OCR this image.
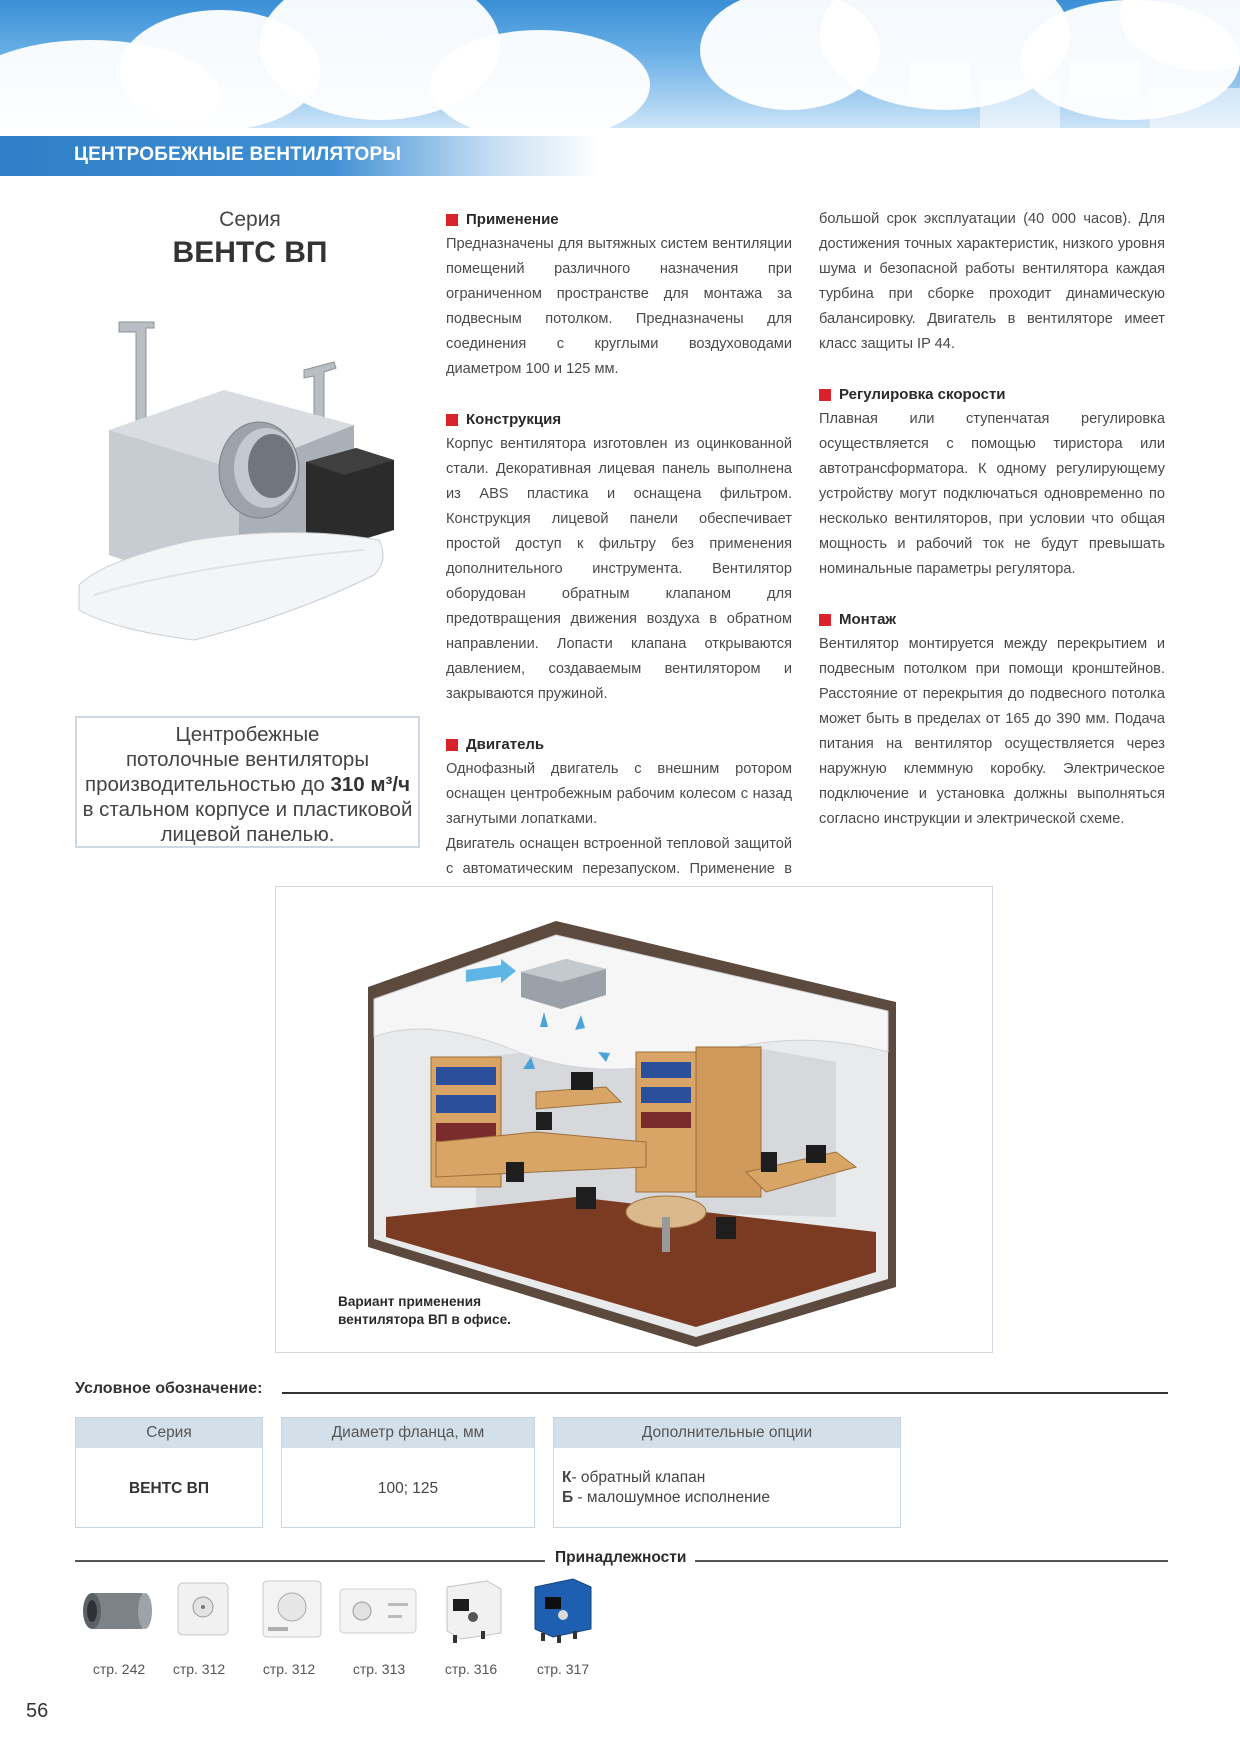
ЦЕНТРОБЕЖНЫЕ ВЕНТИЛЯТОРЫ
Серия
ВЕНТС ВП
Центробежные
потолочные вентиляторы
производительностью до 310 м³/ч
в стальном корпусе и пластиковой
лицевой панелью.
Применение

Предназначены для вытяжных систем вентиляции помещений различного назначения при ограниченном пространстве для монтажа за подвесным потолком. Предназначены для соединения с круглыми воздуховодами диаметром 100 и 125 мм.

Конструкция

Корпус вентилятора изготовлен из оцинкованной стали. Декоративная лицевая панель выполнена из ABS пластика и оснащена фильтром. Конструкция лицевой панели обеспечивает простой доступ к фильтру без применения дополнительного инструмента. Вентилятор оборудован обратным клапаном для предотвращения движения воздуха в обратном направлении. Лопасти клапана открываются давлением, создаваемым вентилятором и закрываются пружиной.

Двигатель

Однофазный двигатель с внешним ротором оснащен центробежным рабочим колесом с назад загнутыми лопатками.

Двигатель оснащен встроенной тепловой защитой с автоматическим перезапуском. Применение в

большой срок эксплуатации (40 000 часов). Для достижения точных характеристик, низкого уровня шума и безопасной работы вентилятора каждая турбина при сборке проходит динамическую балансировку. Двигатель в вентиляторе имеет класс защиты IP 44.

Регулировка скорости

Плавная или ступенчатая регулировка осуществляется с помощью тиристора или автотрансформатора. К одному регулирующему устройству могут подключаться одновременно по несколько вентиляторов, при условии что общая мощность и рабочий ток не будут превышать номинальные параметры регулятора.

Монтаж

Вентилятор монтируется между перекрытием и подвесным потолком при помощи кронштейнов. Расстояние от перекрытия до подвесного потолка может быть в пределах от 165 до 390 мм. Подача питания на вентилятор осуществляется через наружную клеммную коробку. Электрическое подключение и установка должны выполняться согласно инструкции и электрической схеме.

Вариант применения
вентилятора ВП в офисе.
Условное обозначение:
Серия
ВЕНТС ВП
Диаметр фланца, мм
100; 125
Дополнительные опции
К- обратный клапан
Б - малошумное исполнение
Принадлежности
стр. 242	стр. 312	стр. 312	стр. 313	стр. 316	стр. 317
56
